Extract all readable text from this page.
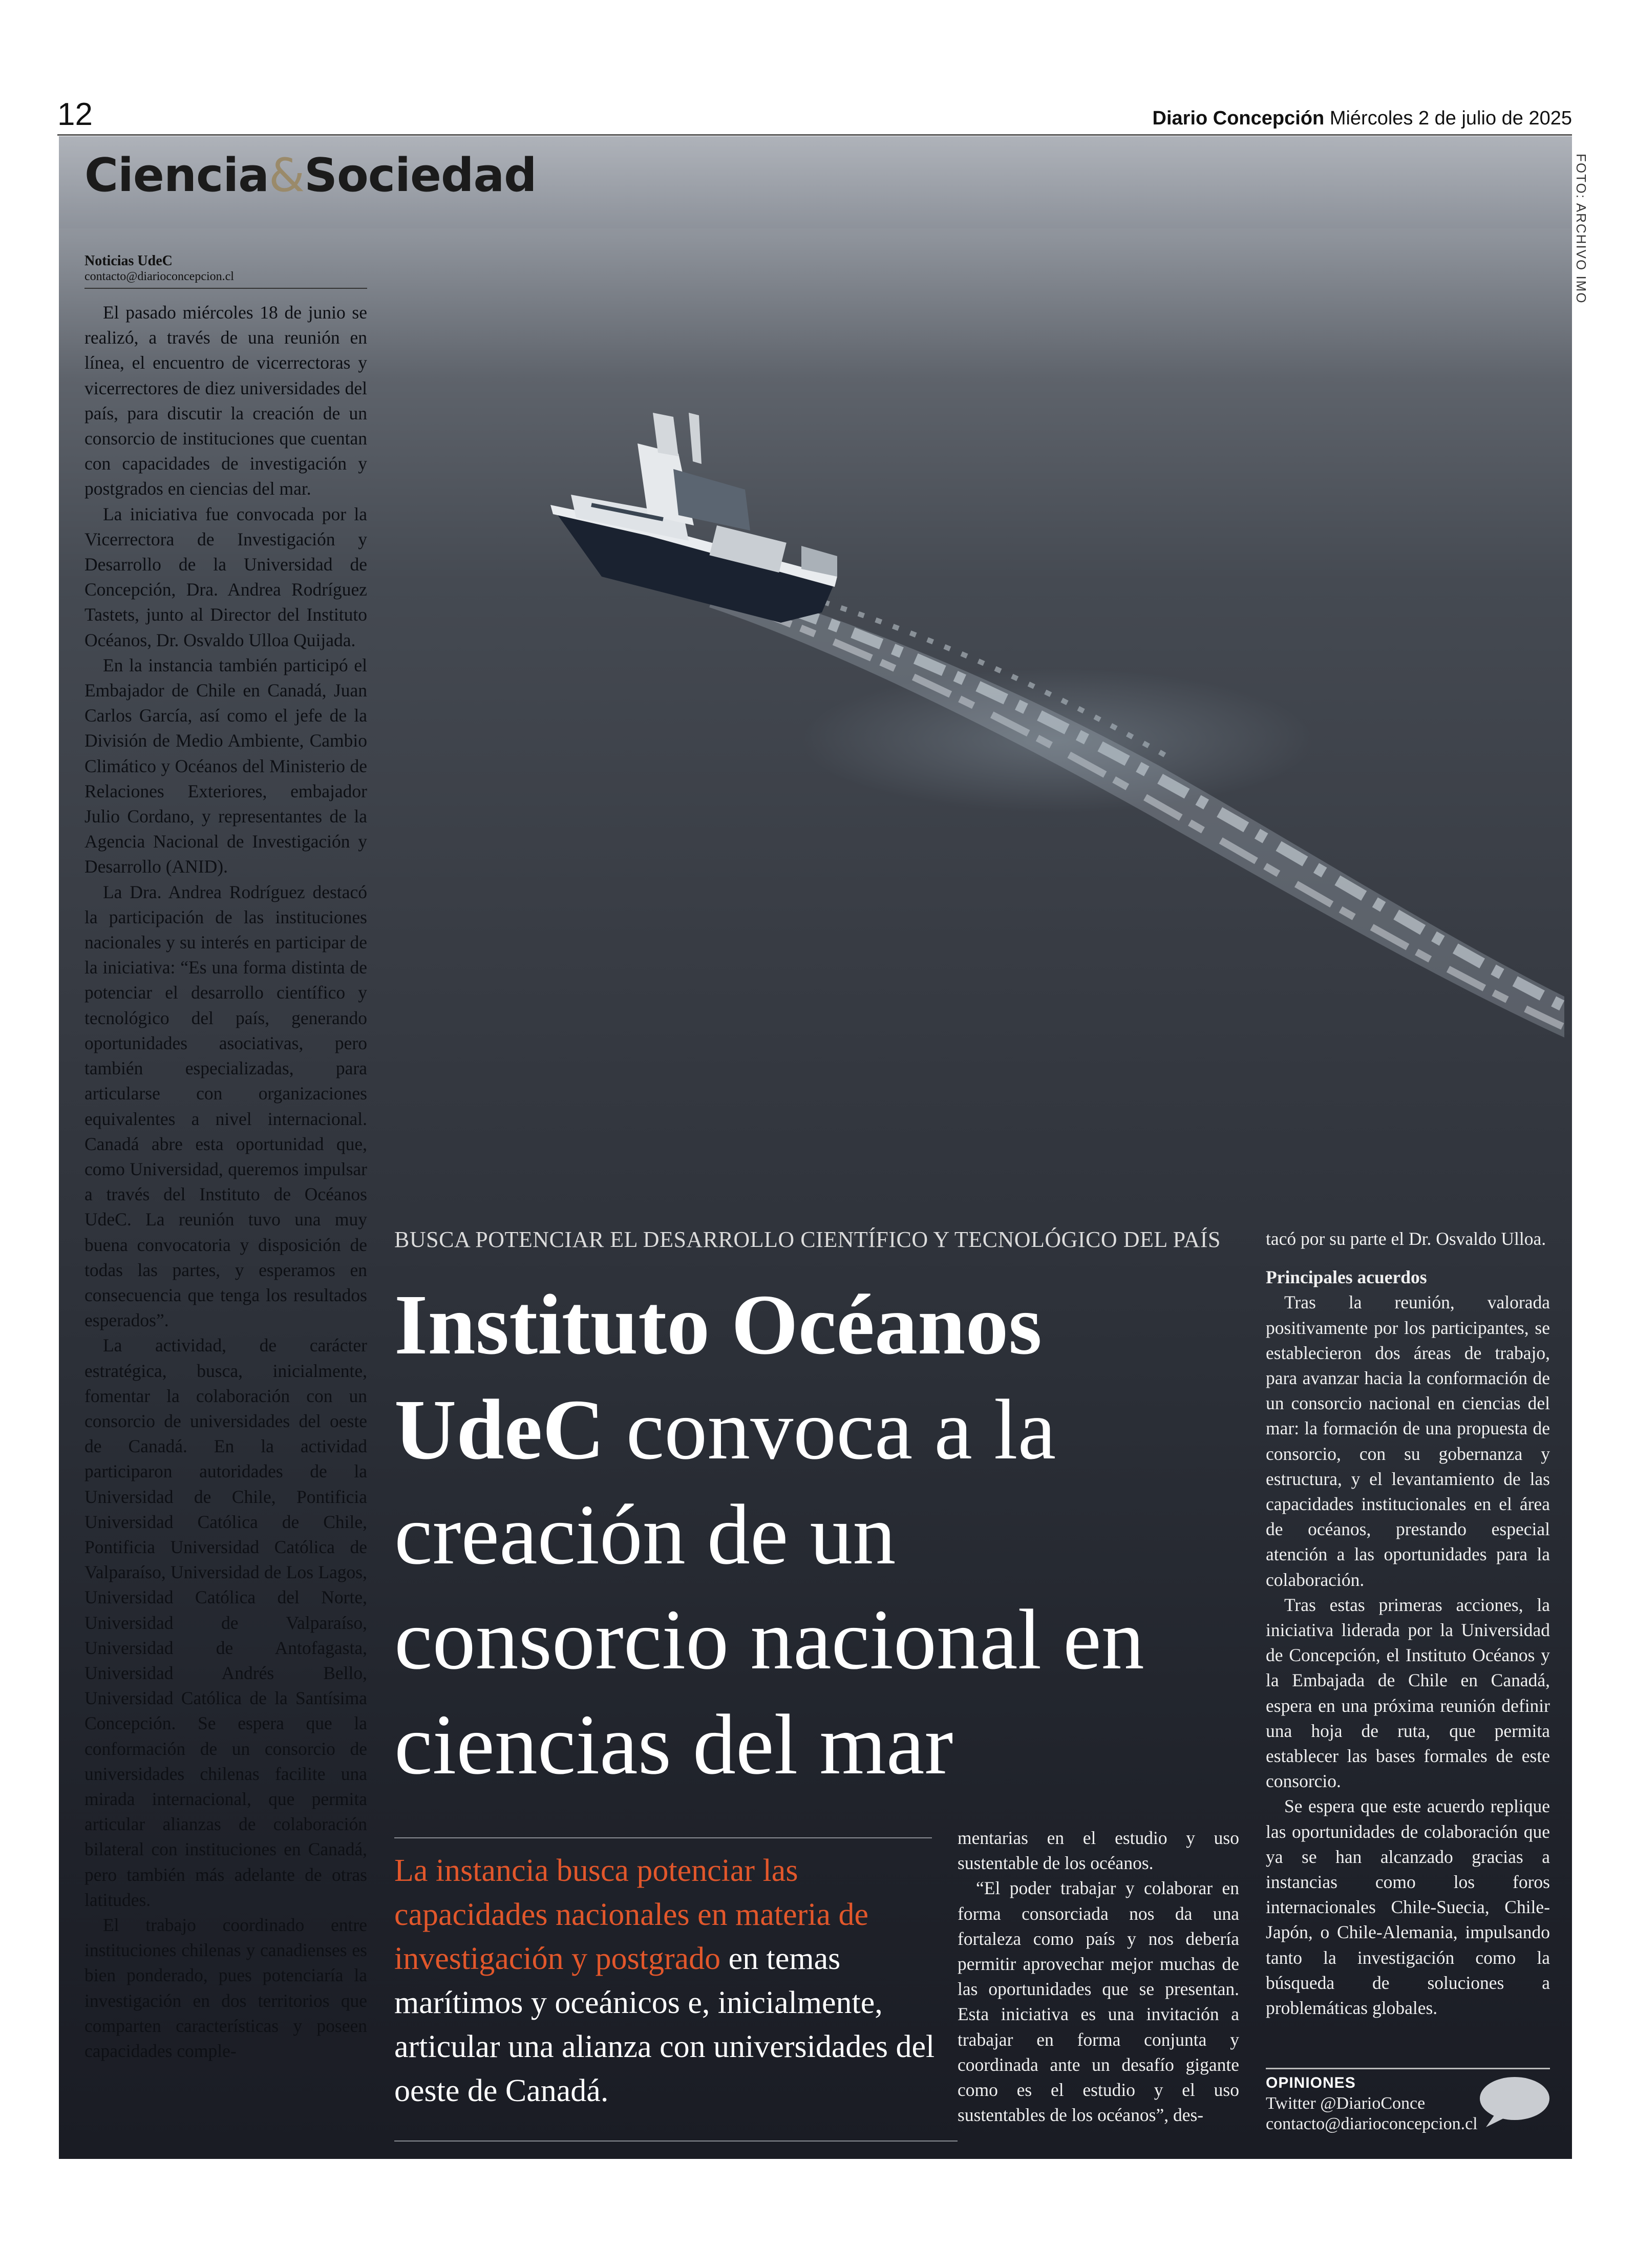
12	Diario Concepción Miércoles 2 de julio de 2025
Ciencia&Sociedad	FOTO: ARCHIVO IMO
Noticias UdeC
contacto@diarioconcepcion.cl

El pasado miércoles 18 de junio se realizó, a través de una reunión en línea, el encuentro de vicerrectoras y vicerrectores de diez universidades del país, para discutir la creación de un consorcio de instituciones que cuentan con capacidades de investigación y postgrados en ciencias del mar.

La iniciativa fue convocada por la Vicerrectora de Investigación y Desarrollo de la Universidad de Concepción, Dra. Andrea Rodríguez Tastets, junto al Director del Instituto Océanos, Dr. Osvaldo Ulloa Quijada.

En la instancia también participó el Embajador de Chile en Canadá, Juan Carlos García, así como el jefe de la División de Medio Ambiente, Cambio Climático y Océanos del Ministerio de Relaciones Exteriores, embajador Julio Cordano, y representantes de la Agencia Nacional de Investigación y Desarrollo (ANID).

La Dra. Andrea Rodríguez destacó la participación de las instituciones nacionales y su interés en participar de la iniciativa: “Es una forma distinta de potenciar el desarrollo científico y tecnológico del país, generando oportunidades asociativas, pero también especializadas, para articularse con organizaciones equivalentes a nivel internacional. Canadá abre esta oportunidad que, como Universidad, queremos impulsar a través del Instituto de Océanos UdeC. La reunión tuvo una muy buena convocatoria y disposición de todas las partes, y esperamos en consecuencia que tenga los resultados esperados”.

La actividad, de carácter estratégica, busca, inicialmente, fomentar la colaboración con un consorcio de universidades del oeste de Canadá. En la actividad participaron autoridades de la Universidad de Chile, Pontificia Universidad Católica de Chile, Pontificia Universidad Católica de Valparaíso, Universidad de Los Lagos, Universidad Católica del Norte, Universidad de Valparaíso, Universidad de Antofagasta, Universidad Andrés Bello, Universidad Católica de la Santísima Concepción. Se espera que la conformación de un consorcio de universidades chilenas facilite una mirada internacional, que permita articular alianzas de colaboración bilateral con instituciones en Canadá, pero también más adelante de otras latitudes.

El trabajo coordinado entre instituciones chilenas y canadienses es bien ponderado, pues potenciaría la investigación en dos territorios que comparten características y poseen capacidades comple-

BUSCA POTENCIAR EL DESARROLLO CIENTÍFICO Y TECNOLÓGICO DEL PAÍS
Instituto Océanos UdeC convoca a la creación de un consorcio nacional en ciencias del mar
La instancia busca potenciar las capacidades nacionales en materia de investigación y postgrado en temas marítimos y oceánicos e, inicialmente, articular una alianza con universidades del oeste de Canadá.

mentarias en el estudio y uso sustentable de los océanos.

“El poder trabajar y colaborar en forma consorciada nos da una fortaleza como país y nos debería permitir aprovechar mejor muchas de las oportunidades que se presentan. Esta iniciativa es una invitación a trabajar en forma conjunta y coordinada ante un desafío gigante como es el estudio y el uso sustentables de los océanos”, des-

tacó por su parte el Dr. Osvaldo Ulloa.

Principales acuerdos

Tras la reunión, valorada positivamente por los participantes, se establecieron dos áreas de trabajo, para avanzar hacia la conformación de un consorcio nacional en ciencias del mar: la formación de una propuesta de consorcio, con su gobernanza y estructura, y el levantamiento de las capacidades institucionales en el área de océanos, prestando especial atención a las oportunidades para la colaboración.

Tras estas primeras acciones, la iniciativa liderada por la Universidad de Concepción, el Instituto Océanos y la Embajada de Chile en Canadá, espera en una próxima reunión definir una hoja de ruta, que permita establecer las bases formales de este consorcio.

Se espera que este acuerdo replique las oportunidades de colaboración que ya se han alcanzado gracias a instancias como los foros internacionales Chile-Suecia, Chile-Japón, o Chile-Alemania, impulsando tanto la investigación como la búsqueda de soluciones a problemáticas globales.

OPINIONES
Twitter @DiarioConce
contacto@diarioconcepcion.cl
